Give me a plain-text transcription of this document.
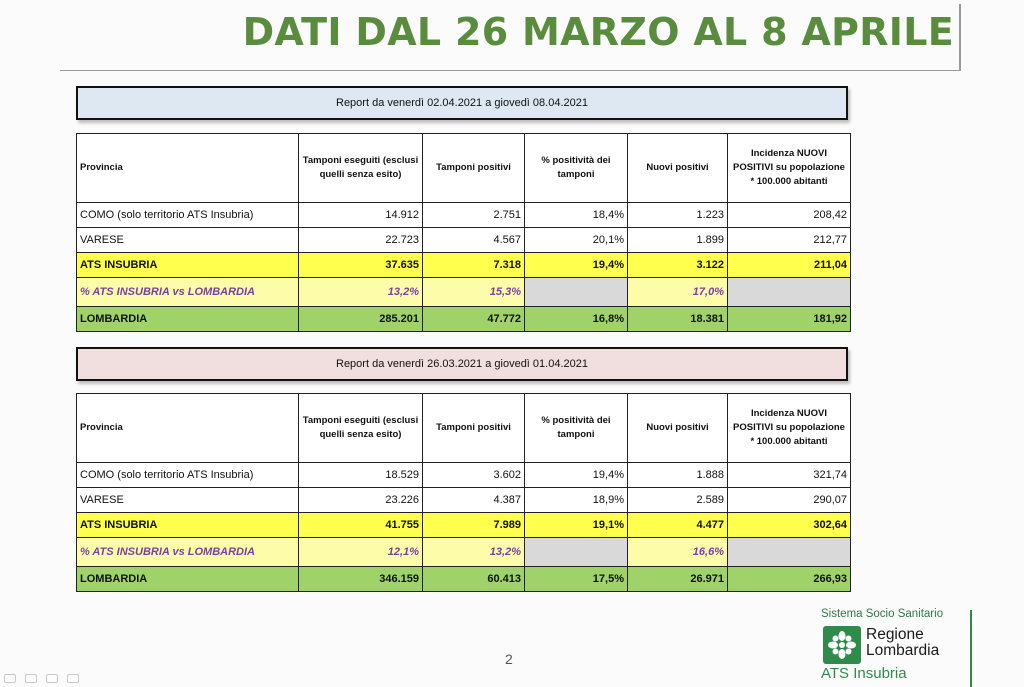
DATI DAL 26 MARZO AL 8 APRILE
Report da venerdì 02.04.2021 a giovedì 08.04.2021
Provincia	Tamponi eseguiti (esclusi quelli senza esito)	Tamponi positivi	% positività dei tamponi	Nuovi positivi	Incidenza NUOVI POSITIVI su popolazione * 100.000 abitanti
COMO (solo territorio ATS Insubria)	14.912	2.751	18,4%	1.223	208,42
VARESE	22.723	4.567	20,1%	1.899	212,77
ATS INSUBRIA	37.635	7.318	19,4%	3.122	211,04
% ATS INSUBRIA vs LOMBARDIA	13,2%	15,3%		17,0%	
LOMBARDIA	285.201	47.772	16,8%	18.381	181,92
Report da venerdì 26.03.2021 a giovedì 01.04.2021
Provincia	Tamponi eseguiti (esclusi quelli senza esito)	Tamponi positivi	% positività dei tamponi	Nuovi positivi	Incidenza NUOVI POSITIVI su popolazione * 100.000 abitanti
COMO (solo territorio ATS Insubria)	18.529	3.602	19,4%	1.888	321,74
VARESE	23.226	4.387	18,9%	2.589	290,07
ATS INSUBRIA	41.755	7.989	19,1%	4.477	302,64
% ATS INSUBRIA vs LOMBARDIA	12,1%	13,2%		16,6%	
LOMBARDIA	346.159	60.413	17,5%	26.971	266,93
2
Sistema Socio Sanitario
Regione
Lombardia
ATS Insubria
